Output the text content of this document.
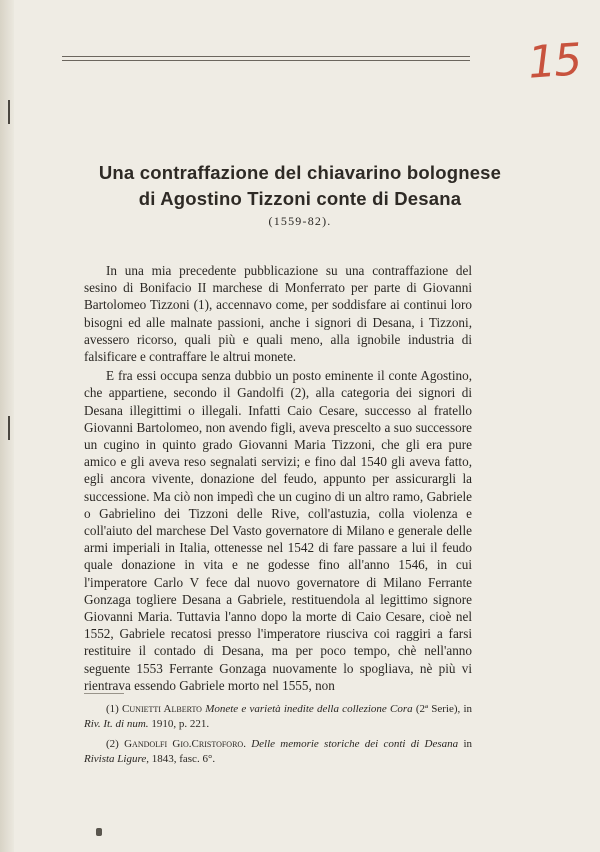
15
Una contraffazione del chiavarino bolognese
di Agostino Tizzoni conte di Desana
(1559-82).

In una mia precedente pubblicazione su una contraffazione del sesino di Bonifacio II marchese di Monferrato per parte di Giovanni Bartolomeo Tizzoni (1), accennavo come, per soddisfare ai continui loro bisogni ed alle malnate passioni, anche i signori di Desana, i Tizzoni, avessero ricorso, quali più e quali meno, alla ignobile industria di falsificare e contraffare le altrui monete.

E fra essi occupa senza dubbio un posto eminente il conte Agostino, che appartiene, secondo il Gandolfi (2), alla categoria dei signori di Desana illegittimi o illegali. Infatti Caio Cesare, successo al fratello Giovanni Bartolomeo, non avendo figli, aveva prescelto a suo successore un cugino in quinto grado Giovanni Maria Tizzoni, che gli era pure amico e gli aveva reso segnalati servizi; e fino dal 1540 gli aveva fatto, egli ancora vivente, donazione del feudo, appunto per assicurargli la successione. Ma ciò non impedì che un cugino di un altro ramo, Gabriele o Gabrielino dei Tizzoni delle Rive, coll'astuzia, colla violenza e coll'aiuto del marchese Del Vasto governatore di Milano e generale delle armi imperiali in Italia, ottenesse nel 1542 di fare passare a lui il feudo quale donazione in vita e ne godesse fino all'anno 1546, in cui l'imperatore Carlo V fece dal nuovo governatore di Milano Ferrante Gonzaga togliere Desana a Gabriele, restituendola al legittimo signore Giovanni Maria. Tuttavia l'anno dopo la morte di Caio Cesare, cioè nel 1552, Gabriele recatosi presso l'imperatore riusciva coi raggiri a farsi restituire il contado di Desana, ma per poco tempo, chè nell'anno seguente 1553 Ferrante Gonzaga nuovamente lo spogliava, nè più vi rientrava essendo Gabriele morto nel 1555, non

(1) Cunietti Alberto Monete e varietà inedite della collezione Cora (2ª Serie), in Riv. It. di num. 1910, p. 221.

(2) Gandolfi Gio.Cristoforo. Delle memorie storiche dei conti di Desana in Rivista Ligure, 1843, fasc. 6°.
